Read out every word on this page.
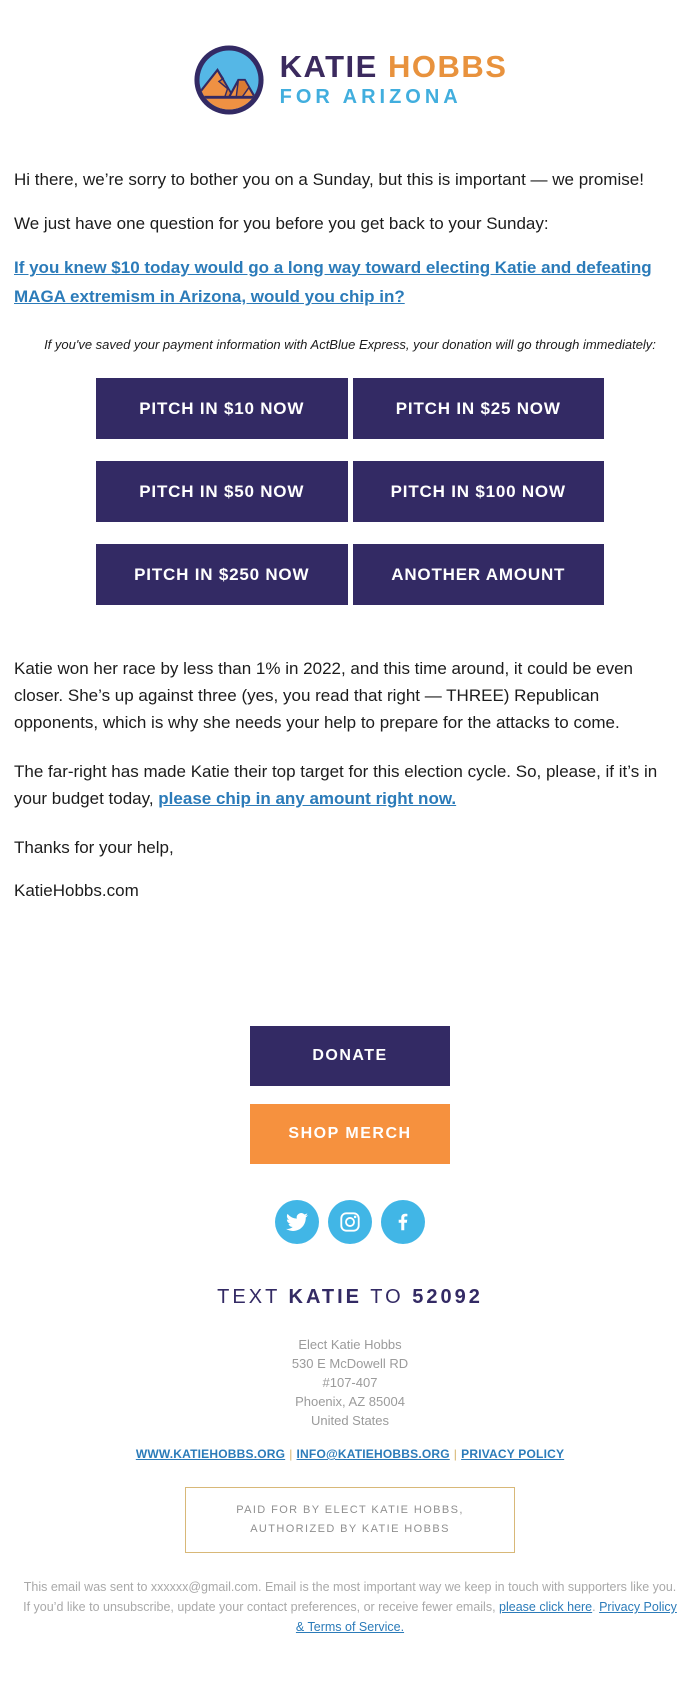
KATIE HOBBS
FOR ARIZONA

Hi there, we’re sorry to bother you on a Sunday, but this is important — we promise!

We just have one question for you before you get back to your Sunday:

If you knew $10 today would go a long way toward electing Katie and defeating MAGA extremism in Arizona, would you chip in?

If you've saved your payment information with ActBlue Express, your donation will go through immediately:

PITCH IN $10 NOW	PITCH IN $25 NOW
PITCH IN $50 NOW	PITCH IN $100 NOW
PITCH IN $250 NOW	ANOTHER AMOUNT

Katie won her race by less than 1% in 2022, and this time around, it could be even closer. She’s up against three (yes, you read that right — THREE) Republican opponents, which is why she needs your help to prepare for the attacks to come.

The far-right has made Katie their top target for this election cycle. So, please, if it’s in your budget today, please chip in any amount right now.

Thanks for your help,

KatieHobbs.com

DONATE
SHOP MERCH
TEXT KATIE TO 52092
Elect Katie Hobbs
530 E McDowell RD
#107-407
Phoenix, AZ 85004
United States
WWW.KATIEHOBBS.ORG | INFO@KATIEHOBBS.ORG | PRIVACY POLICY
PAID FOR BY ELECT KATIE HOBBS,
AUTHORIZED BY KATIE HOBBS
This email was sent to xxxxxx@gmail.com. Email is the most important way we keep in touch with supporters like you. If you’d like to unsubscribe, update your contact preferences, or receive fewer emails, please click here. Privacy Policy & Terms of Service.
